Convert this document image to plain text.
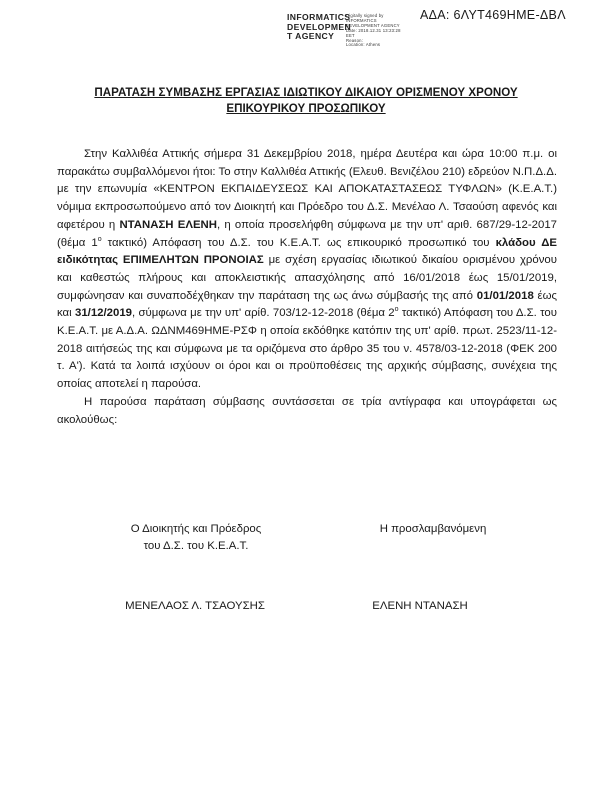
ΑΔΑ: 6ΛΥΤ469ΗΜΕ-ΔΒΛ
INFORMATICS
DEVELOPMEN
T AGENCY
Digitally signed by
INFORMATICS
DEVELOPMENT AGENCY
Date: 2018.12.31 13:23:28
EET
Reason:
Location: Athens
ΠΑΡΑΤΑΣΗ ΣΥΜΒΑΣΗΣ ΕΡΓΑΣΙΑΣ ΙΔΙΩΤΙΚΟΥ ΔΙΚΑΙΟΥ ΟΡΙΣΜΕΝΟΥ ΧΡΟΝΟΥ
ΕΠΙΚΟΥΡΙΚΟΥ ΠΡΟΣΩΠΙΚΟΥ

Στην Καλλιθέα Αττικής σήμερα 31 Δεκεμβρίου 2018, ημέρα Δευτέρα και ώρα 10:00 π.μ. οι παρακάτω συμβαλλόμενοι ήτοι: Το στην Καλλιθέα Αττικής (Ελευθ. Βενιζέλου 210) εδρεύον Ν.Π.Δ.Δ. με την επωνυμία «ΚΕΝΤΡΟΝ ΕΚΠΑΙΔΕΥΣΕΩΣ ΚΑΙ ΑΠΟΚΑΤΑΣΤΑΣΕΩΣ ΤΥΦΛΩΝ» (Κ.Ε.Α.Τ.) νόμιμα εκπροσωπούμενο από τον Διοικητή και Πρόεδρο του Δ.Σ. Μενέλαο Λ. Τσαούση αφενός και αφετέρου η ΝΤΑΝΑΣΗ ΕΛΕΝΗ, η οποία προσελήφθη σύμφωνα με την υπ' αριθ. 687/29-12-2017 (θέμα $1^o$ τακτικό) Απόφαση του Δ.Σ. του Κ.Ε.Α.Τ. ως επικουρικό προσωπικό του κλάδου ΔΕ ειδικότητας ΕΠΙΜΕΛΗΤΩΝ ΠΡΟΝΟΙΑΣ με σχέση εργασίας ιδιωτικού δικαίου ορισμένου χρόνου και καθεστώς πλήρους και αποκλειστικής απασχόλησης από 16/01/2018 έως 15/01/2019, συμφώνησαν και συναποδέχθηκαν την παράταση της ως άνω σύμβασής της από 01/01/2018 έως και 31/12/2019, σύμφωνα με την υπ' αρίθ. 703/12-12-2018 (θέμα $2^o$ τακτικό) Απόφαση του Δ.Σ. του Κ.Ε.Α.Τ. με Α.Δ.Α. ΩΔΝΜ469ΗΜΕ-ΡΣΦ η οποία εκδόθηκε κατόπιν της υπ' αρίθ. πρωτ. 2523/11-12-2018 αιτήσεώς της και σύμφωνα με τα οριζόμενα στο άρθρο 35 του ν. 4578/03-12-2018 (ΦΕΚ 200 τ. Α'). Κατά τα λοιπά ισχύουν οι όροι και οι προϋποθέσεις της αρχικής σύμβασης, συνέχεια της οποίας αποτελεί η παρούσα.

Η παρούσα παράταση σύμβασης συντάσσεται σε τρία αντίγραφα και υπογράφεται ως ακολούθως:

Ο Διοικητής και Πρόεδρος
του Δ.Σ. του Κ.Ε.Α.Τ.
Η προσλαμβανόμενη
ΜΕΝΕΛΑΟΣ Λ. ΤΣΑΟΥΣΗΣ	ΕΛΕΝΗ ΝΤΑΝΑΣΗ
